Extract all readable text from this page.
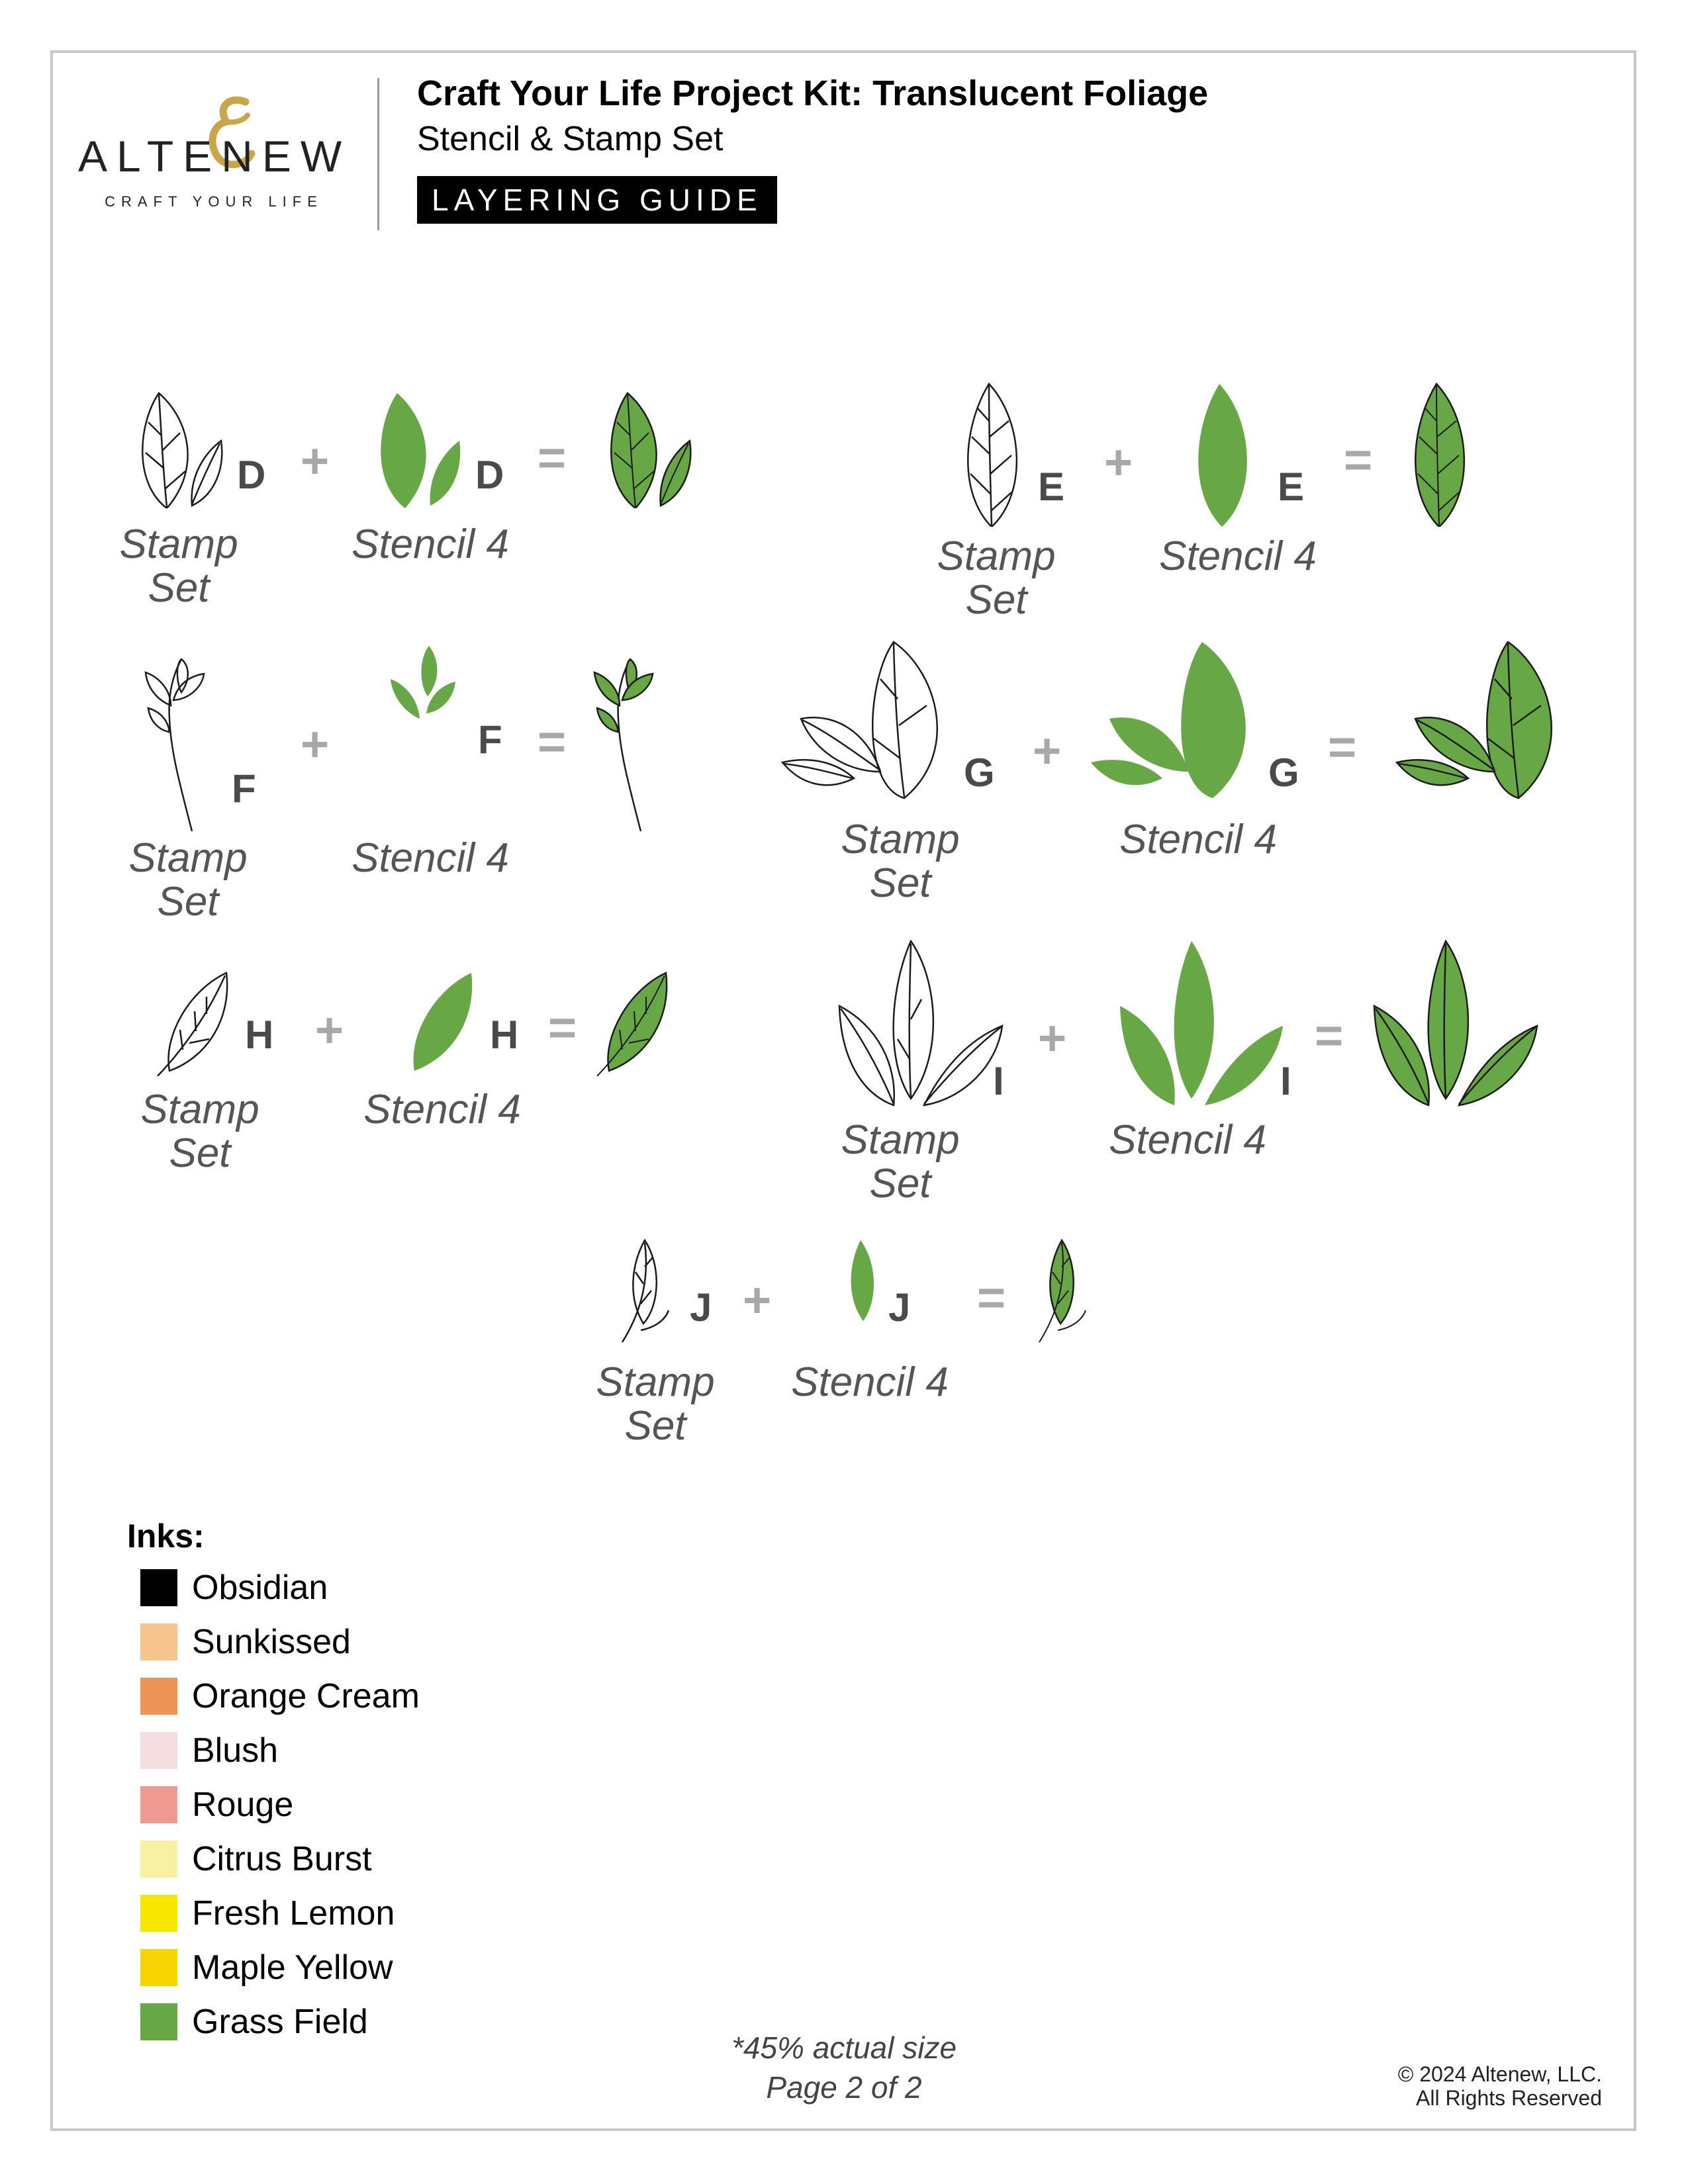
ALTENEW
CRAFT YOUR LIFE
Craft Your Life Project Kit: Translucent Foliage
Stencil & Stamp Set
LAYERING GUIDE
D +	D =
Stamp
Set
Stencil 4
E +	E =
Stamp
Set
Stencil 4
F
+	F =
Stamp
Set
Stencil 4
G +	G =
Stamp
Set
Stencil 4
H +	H =
Stamp
Set
Stencil 4
I
+
I
=
Stamp
Set
Stencil 4
J +	J =
Stamp
Set
Stencil 4
Inks:
Obsidian
Sunkissed
Orange Cream
Blush
Rouge
Citrus Burst
Fresh Lemon
Maple Yellow
Grass Field
*45% actual size
Page 2 of 2	© 2024 Altenew, LLC.
All Rights Reserved
